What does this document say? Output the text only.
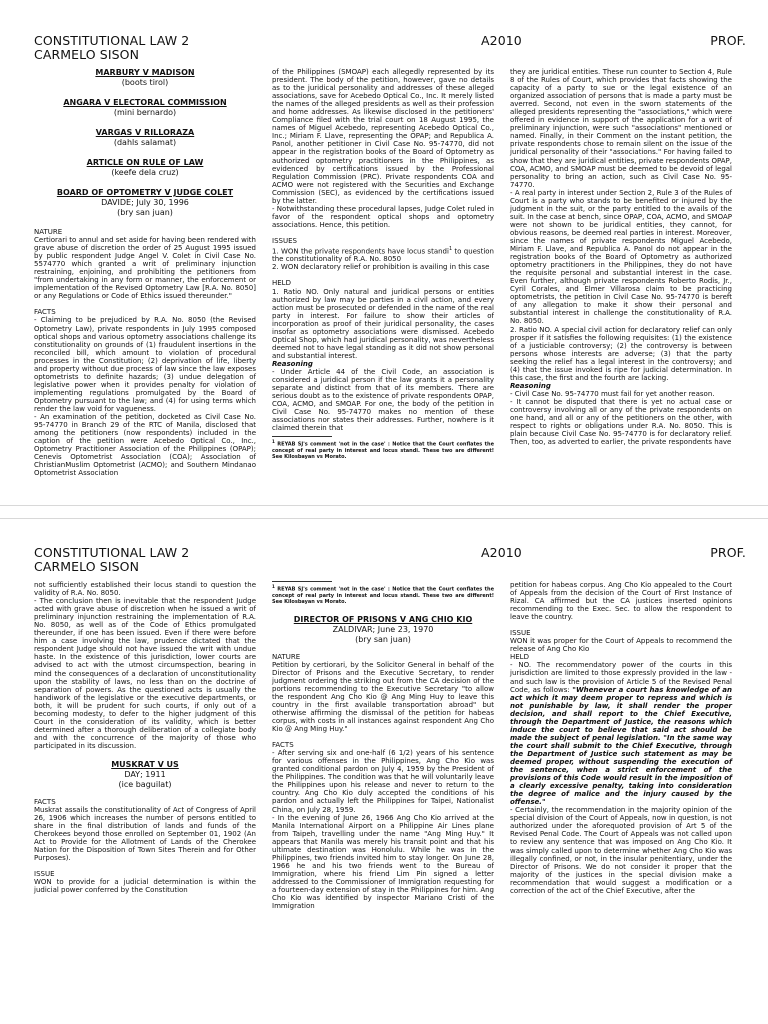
CONSTITUTIONAL LAW 2	A2010	PROF.
CARMELO SISON

MARBURY V MADISON

(boots tirol)

ANGARA V ELECTORAL COMMISSION

(mini bernardo)

VARGAS V RILLORAZA

(dahls salamat)

ARTICLE ON RULE OF LAW

(keefe dela cruz)

BOARD OF OPTOMETRY V JUDGE COLET

DAVIDE; July 30, 1996

(bry san juan)

NATURE

Certiorari to annul and set aside for having been rendered with grave abuse of discretion the order of 25 August 1995 issued by public respondent Judge Angel V. Colet in Civil Case No. 5574770 which granted a writ of preliminary injunction restraining, enjoining, and prohibiting the petitioners from "from undertaking in any form or manner, the enforcement or implementation of the Revised Optometry Law [R.A. No. 8050] or any Regulations or Code of Ethics issued thereunder."

FACTS

- Claiming to be prejudiced by R.A. No. 8050 (the Revised Optometry Law), private respondents in July 1995 composed optical shops and various optometry associations challenge its constitutionality on grounds of (1) fraudulent insertions in the reconciled bill, which amount to violation of procedural processes in the Constitution; (2) deprivation of life, liberty and property without due process of law since the law exposes optometrists to definite hazards; (3) undue delegation of legislative power when it provides penalty for violation of implementing regulations promulgated by the Board of Optometry pursuant to the law; and (4) for using terms which render the law void for vagueness.

- An examination of the petition, docketed as Civil Case No. 95-74770 in Branch 29 of the RTC of Manila, disclosed that among the petitioners (now respondents) included in the caption of the petition were Acebedo Optical Co., Inc., Optometry Practitioner Association of the Philippines (OPAP); Cenevis Optometrist Association (COA); Association of ChristianMuslim Optometrist (ACMO); and Southern Mindanao Optometrist Association

of the Philippines (SMOAP) each allegedly represented by its president. The body of the petition, however, gave no details as to the juridical personality and addresses of these alleged associations, save for Acebedo Optical Co., Inc. It merely listed the names of the alleged presidents as well as their profession and home addresses. As likewise disclosed in the petitioners' Compliance filed with the trial court on 18 August 1995, the names of Miguel Acebedo, representing Acebedo Optical Co., Inc.; Miriam F. Llave, representing the OPAP; and Republica A. Panol, another petitioner in Civil Case No. 95-74770, did not appear in the registration books of the Board of Optometry as authorized optometry practitioners in the Philippines, as evidenced by certifications issued by the Professional Regulation Commission (PRC). Private respondents COA and ACMO were not registered with the Securities and Exchange Commission (SEC), as evidenced by the certifications issued by the latter.

- Notwithstanding these procedural lapses, Judge Colet ruled in favor of the respondent optical shops and optometry associations. Hence, this petition.

ISSUES

1. WON the private respondents have locus standi$^1$ to question the constitutionality of R.A. No. 8050

2. WON declaratory relief or prohibition is availing in this case

HELD

1. Ratio NO. Only natural and juridical persons or entities authorized by law may be parties in a civil action, and every action must be prosecuted or defended in the name of the real party in interest. For failure to show their articles of incorporation as proof of their juridical personality, the cases insofar as optometry associations were dismissed. Acebedo Optical Shop, which had juridical personality, was nevertheless deemed not to have legal standing as it did not show personal and substantial interest.

Reasoning

- Under Article 44 of the Civil Code, an association is considered a juridical person if the law grants it a personality separate and distinct from that of its members. There are serious doubt as to the existence of private respondents OPAP, COA, ACMO, and SMOAP. For one, the body of the petition in Civil Case No. 95-74770 makes no mention of these associations nor states their addresses. Further, nowhere is it claimed therein that

$^1$ REYAB SJ's comment 'not in the case' : Notice that the Court conflates the concept of real party in interest and locus standi. These two are different! See Kilosbayan vs Morato.

they are juridical entities. These run counter to Section 4, Rule 8 of the Rules of Court, which provides that facts showing the capacity of a party to sue or the legal existence of an organized association of persons that is made a party must be averred. Second, not even in the sworn statements of the alleged presidents representing the "associations," which were offered in evidence in support of the application for a writ of preliminary injunction, were such "associations" mentioned or named. Finally, in their Comment on the instant petition, the private respondents chose to remain silent on the issue of the juridical personality of their "associations." For having failed to show that they are juridical entities, private respondents OPAP, COA, ACMO, and SMOAP must be deemed to be devoid of legal personality to bring an action, such as Civil Case No. 95-74770.

- A real party in interest under Section 2, Rule 3 of the Rules of Court is a party who stands to be benefited or injured by the judgment in the suit, or the party entitled to the avails of the suit. In the case at bench, since OPAP, COA, ACMO, and SMOAP were not shown to be juridical entities, they cannot, for obvious reasons, be deemed real parties in interest. Moreover, since the names of private respondents Miguel Acebedo, Miriam F. Llave, and Republica A. Panol do not appear in the registration books of the Board of Optometry as authorized optometry practitioners in the Philippines, they do not have the requisite personal and substantial interest in the case. Even further, although private respondents Roberto Rodis, Jr., Cyril Corales, and Elmer Villarosa claim to be practicing optometrists, the petition in Civil Case No. 95-74770 is bereft of any allegation to make it show their personal and substantial interest in challenge the constitutionality of R.A. No. 8050.

2. Ratio NO. A special civil action for declaratory relief can only prosper if it satisfies the following requisites: (1) the existence of a justiciable controversy; (2) the controversy is between persons whose interests are adverse; (3) that the party seeking the relief has a legal interest in the controversy; and (4) that the issue invoked is ripe for judicial determination. In this case, the first and the fourth are lacking.

Reasoning

- Civil Case No. 95-74770 must fail for yet another reason.

- It cannot be disputed that there is yet no actual case or controversy involving all or any of the private respondents on one hand, and all or any of the petitioners on the other, with respect to rights or obligations under R.A. No. 8050. This is plain because Civil Case No. 95-74770 is for declaratory relief. Then, too, as adverted to earlier, the private respondents have

CONSTITUTIONAL LAW 2	A2010	PROF.
CARMELO SISON

not sufficiently established their locus standi to question the validity of R.A. No. 8050.

- The conclusion then is inevitable that the respondent Judge acted with grave abuse of discretion when he issued a writ of preliminary injunction restraining the implementation of R.A. No. 8050, as well as of the Code of Ethics promulgated thereunder, if one has been issued. Even if there were before him a case involving the law, prudence dictated that the respondent Judge should not have issued the writ with undue haste. In the existence of this jurisdiction, lower courts are advised to act with the utmost circumspection, bearing in mind the consequences of a declaration of unconstitutionality upon the stability of laws, no less than on the doctrine of separation of powers. As the questioned acts is usually the handiwork of the legislative or the executive departments, or both, it will be prudent for such courts, if only out of a becoming modesty, to defer to the higher judgment of this Court in the consideration of its validity, which is better determined after a thorough deliberation of a collegiate body and with the concurrence of the majority of those who participated in its discussion.

MUSKRAT V US

DAY; 1911

(ice baguilat)

FACTS

Muskrat assails the constitutionality of Act of Congress of April 26, 1906 which increases the number of persons entitled to share in the final distribution of lands and funds of the Cherokees beyond those enrolled on September 01, 1902 (An Act to Provide for the Allotment of Lands of the Cherokee Nation for the Disposition of Town Sites Therein and for Other Purposes).

ISSUE

WON to provide for a judicial determination is within the judicial power conferred by the Constitution

$^1$ REYAB SJ's comment 'not in the case' : Notice that the Court conflates the concept of real party in interest and locus standi. These two are different! See Kilosbayan vs Morato.

DIRECTOR OF PRISONS V ANG CHIO KIO

ZALDIVAR; June 23, 1970

(bry san juan)

NATURE

Petition by certiorari, by the Solicitor General in behalf of the Director of Prisons and the Executive Secretary, to render judgment ordering the striking out from the CA decision of the portions recommending to the Executive Secretary "to allow the respondent Ang Cho Kio @ Ang Ming Huy to leave this country in the first available transportation abroad" but otherwise affirming the dismissal of the petition for habeas corpus, with costs in all instances against respondent Ang Cho Kio @ Ang Ming Huy."

FACTS

- After serving six and one-half (6 1/2) years of his sentence for various offenses in the Philippines, Ang Cho Kio was granted conditional pardon on July 4, 1959 by the President of the Philippines. The condition was that he will voluntarily leave the Philippines upon his release and never to return to the country. Ang Cho Kio duly accepted the conditions of his pardon and actually left the Philippines for Taipei, Nationalist China, on July 28, 1959.

- In the evening of June 26, 1966 Ang Cho Kio arrived at the Manila International Airport on a Philippine Air Lines plane from Taipeh, travelling under the name "Ang Ming Huy." It appears that Manila was merely his transit point and that his ultimate destination was Honolulu. While he was in the Philippines, two friends invited him to stay longer. On June 28, 1966 he and his two friends went to the Bureau of Immigration, where his friend Lim Pin signed a letter addressed to the Commissioner of Immigration requesting for a fourteen-day extension of stay in the Philippines for him. Ang Cho Kio was identified by inspector Mariano Cristi of the Immigration

petition for habeas corpus. Ang Cho Kio appealed to the Court of Appeals from the decision of the Court of First Instance of Rizal. CA affirmed but the CA justices inserted opinions recommending to the Exec. Sec. to allow the respondent to leave the country.

ISSUE

WON it was proper for the Court of Appeals to recommend the release of Ang Cho Kio

HELD

- NO. The recommendatory power of the courts in this jurisdiction are limited to those expressly provided in the law - and such law is the provision of Article 5 of the Revised Penal Code, as follows: "Whenever a court has knowledge of an act which it may deem proper to repress and which is not punishable by law, it shall render the proper decision, and shall report to the Chief Executive, through the Department of Justice, the reasons which induce the court to believe that said act should be made the subject of penal legislation. "In the same way the court shall submit to the Chief Executive, through the Department of Justice such statement as may be deemed proper, without suspending the execution of the sentence, when a strict enforcement of the provisions of this Code would result in the imposition of a clearly excessive penalty, taking into consideration the degree of malice and the injury caused by the offense."

- Certainly, the recommendation in the majority opinion of the special division of the Court of Appeals, now in question, is not authorized under the aforequoted provision of Art 5 of the Revised Penal Code. The Court of Appeals was not called upon to review any sentence that was imposed on Ang Cho Kio. It was simply called upon to determine whether Ang Cho Kio was illegally confined, or not, in the insular penitentiary, under the Director of Prisons. We do not consider it proper that the majority of the justices in the special division make a recommendation that would suggest a modification or a correction of the act of the Chief Executive, after the
